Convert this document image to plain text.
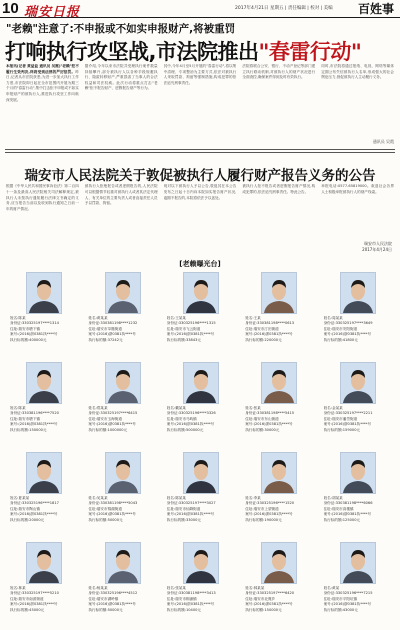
10 瑞安日报	2017年4月21日 星期五 | 责任编辑 | 校对 | 美编 百姓事
"老赖"注意了:不申报或不如实申报财产,将被重罚
打响执行攻坚战,市法院推出"春雷行动"
本报讯(记者 黄益益 通讯员 吴霞)"老赖"拒不履行生效判决,终将受到法律的严厉惩罚。昨日,记者从市法院获悉,为进一步加大执行工作力度,市法院即日起在全市范围内开展为期三个月的"春雷行动",集中打击拒不申报或不如实申报财产的被执行人,推进执行攻坚工作向纵深发展。
据介绍,今年以来市法院共受理执行案件数量持续攀升,部分被执行人以各种手段规避执行、隐匿转移财产,严重损害了当事人的合法权益和司法权威。此次行动将重点打击"老赖"拒不报告财产、虚假报告财产等行为。
其中,今年4月至5月开展的"春雷行动",将以集中清理、专项整治为主要方式,依法对被执行人采取罚款、拘留等强制措施,构成犯罪的依法追究刑事责任。
法院将联合公安、银行、不动产登记等部门建立执行联动机制,对被执行人的财产状况进行全面查控,确保案件得到及时有效执行。
同时,市法院将通过报纸、电视、网络等媒体定期公布失信被执行人名单,形成强大的社会舆论压力,督促被执行人主动履行义务。
通讯员 吴霞
瑞安市人民法院关于敦促被执行人履行财产报告义务的公告
根据《中华人民共和国民事诉讼法》第二百四十一条及最高人民法院相关司法解释规定,被执行人未按执行通知履行法律文书确定的义务,应当报告当前以及收到执行通知之日前一年的财产情况。
被执行人拒绝报告或者虚假报告的,人民法院可以根据情节轻重对被执行人或者其法定代理人、有关单位的主要负责人或者直接责任人员予以罚款、拘留。
现对以下被执行人予以公告,敦促其在本公告发布之日起十日内向本院如实报告财产状况,逾期不报告的,本院将依法予以惩处。
被执行人拒不报告或者虚假报告财产情况,构成犯罪的,依法追究刑事责任。特此公告。
举报电话:0577-65819000。欢迎社会各界人士积极举报被执行人的财产线索。
瑞安市人民法院
2017年4月24日
[老赖曝光台]
姓名:陈某
身份证:330325197****1314
住址:瑞安市塘下镇
案号:(2016)浙0381执****号
执行标的额:400000元
姓名:黄某某
身份证:330381198****1232
住址:瑞安市莘塍街道
案号:(2016)浙0381执****号
执行标的额:37242元
姓名:王某某
身份证:330325196****1315
住址:瑞安市飞云街道
案号:(2016)浙0381执****号
执行标的额:33843元
姓名:王某
身份证:330381198****0613
住址:瑞安市汀田街道
案号:(2016)浙0381执****号
执行标的额:220000元
姓名:周某某
身份证:330325197****3649
住址:瑞安市安阳街道
案号:(2016)浙0381执****号
执行标的额:41800元
姓名:陈某
身份证:330381196****7520
住址:瑞安市塘下镇
案号:(2016)浙0381执****号
执行标的额:150000元
姓名:郑某某
身份证:330325197****6415
住址:瑞安市玉海街道
案号:(2016)浙0381执****号
执行标的额:1000000元
姓名:戴某某
身份证:330325196****3326
住址:瑞安市马屿镇
案号:(2016)浙0381执****号
执行标的额:500000元
姓名:张某
身份证:330381198****5415
住址:瑞安市东山街道
案号:(2016)浙0381执****号
执行标的额:30000元
姓名:金某某
身份证:330325197****2211
住址:瑞安市潘岱街道
案号:(2016)浙0381执****号
执行标的额:159000元
姓名:夏某某
身份证:330325196****1817
住址:瑞安市陶山镇
案号:(2016)浙0381执****号
执行标的额:20000元
姓名:吴某某
身份证:330381198****5043
住址:瑞安市锦湖街道
案号:(2016)浙0381执****号
执行标的额:50000元
姓名:陈某某
身份证:330325197****3027
住址:瑞安市仙降街道
案号:(2016)浙0381执****号
执行标的额:33000元
姓名:李某
身份证:330325196****1520
住址:瑞安市上望街道
案号:(2016)浙0381执****号
执行标的额:190000元
姓名:胡某某
身份证:330381198****6066
住址:瑞安市高楼镇
案号:(2016)浙0381执****号
执行标的额:125000元
姓名:林某
身份证:330325197****5210
住址:瑞安市南滨街道
案号:(2016)浙0381执****号
执行标的额:45000元
姓名:杨某某
身份证:330325196****4512
住址:瑞安市湖岭镇
案号:(2016)浙0381执****号
执行标的额:50000元
姓名:张某某
身份证:330381198****3413
住址:瑞安市桐浦镇
案号:(2016)浙0381执****号
执行标的额:10400元
姓名:林某某
身份证:330325197****6420
住址:瑞安市北麂乡
案号:(2016)浙0381执****号
执行标的额:150000元
姓名:黄某
身份证:330325196****7215
住址:瑞安市平阳坑镇
案号:(2016)浙0381执****号
执行标的额:43000元
